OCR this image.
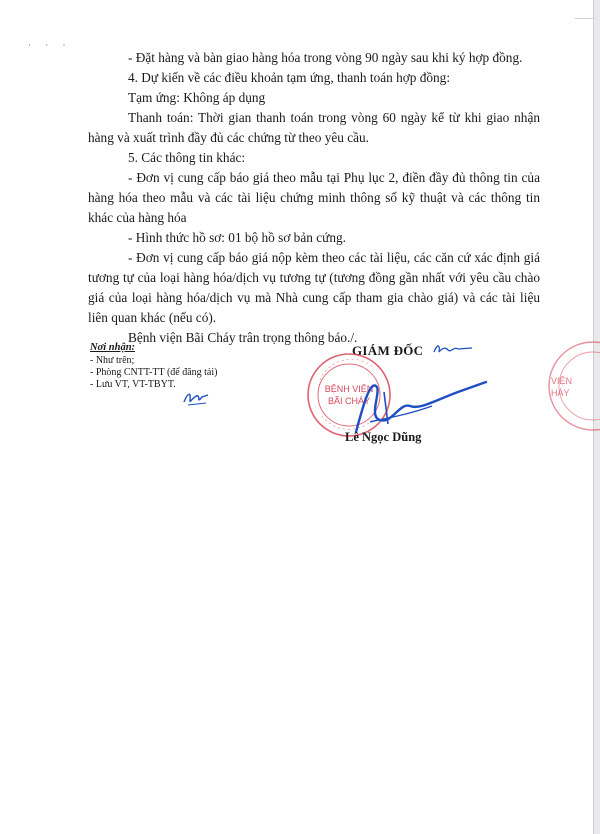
· · ·

- Đặt hàng và bàn giao hàng hóa trong vòng 90 ngày sau khi ký hợp đồng.

4. Dự kiến về các điều khoản tạm ứng, thanh toán hợp đồng:

Tạm ứng: Không áp dụng

Thanh toán: Thời gian thanh toán trong vòng 60 ngày kể từ khi giao nhận hàng và xuất trình đầy đủ các chứng từ theo yêu cầu.

5. Các thông tin khác:

- Đơn vị cung cấp báo giá theo mẫu tại Phụ lục 2, điền đầy đủ thông tin của hàng hóa theo mẫu và các tài liệu chứng minh thông số kỹ thuật và các thông tin khác của hàng hóa

- Hình thức hồ sơ: 01 bộ hồ sơ bản cứng.

- Đơn vị cung cấp báo giá nộp kèm theo các tài liệu, các căn cứ xác định giá tương tự của loại hàng hóa/dịch vụ tương tự (tương đồng gần nhất với yêu cầu chào giá của loại hàng hóa/dịch vụ mà Nhà cung cấp tham gia chào giá) và các tài liệu liên quan khác (nếu có).

Bệnh viện Bãi Cháy trân trọng thông báo./.

Nơi nhận:
- Như trên;
- Phòng CNTT-TT (để đăng tải)
- Lưu VT, VT-TBYT.
GIÁM ĐỐC
BỆNH VIỆN
BÃI CHÁY
VIỆN
HÁY
Lê Ngọc Dũng
